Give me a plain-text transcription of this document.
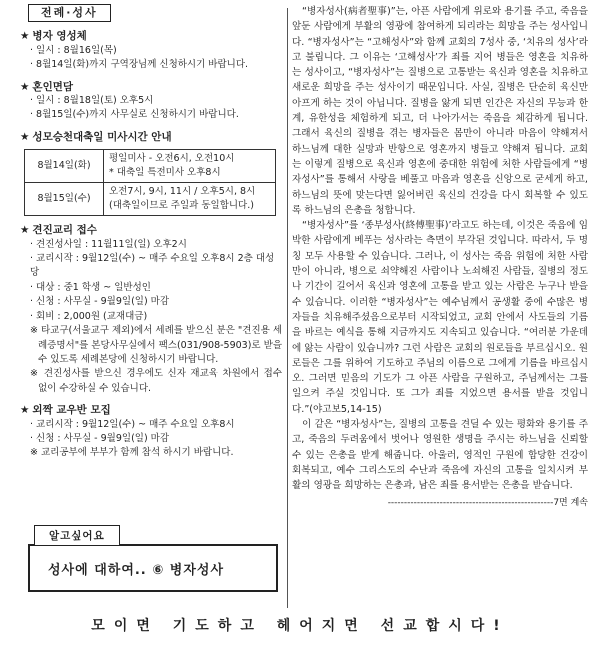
전례·성사
★ 병자 영성체
· 일시 : 8월16일(목)
· 8월14일(화)까지 구역장님께 신청하시기 바랍니다.
★ 혼인면담
· 일시 : 8월18일(토) 오후5시
· 8월15일(수)까지 사무실로 신청하시기 바랍니다.
★ 성모승천대축일 미사시간 안내
8월14일(화)	평일미사 - 오전6시, 오전10시
* 대축일 특전미사 오후8시

8월15일(수)	오전7시, 9시, 11시 / 오후5시, 8시
(대축일이므로 주일과 동일합니다.)
★ 견진교리 접수
· 견진성사일 : 11월11일(일) 오후2시
· 교리시작 : 9월12일(수) ~ 매주 수요일 오후8시 2층 대성당
· 대상 : 중1 학생 ~ 일반성인
· 신청 : 사무실 - 9월9일(일) 마감
· 회비 : 2,000원 (교재대금)
※ 타교구(서울교구 제외)에서 세례를 받으신 분은 "견진용 세례증명서"를 본당사무실에서 팩스(031/908-5903)로 받을 수 있도록 세례본당에 신청하시기 바랍니다.
※ 견진성사를 받으신 경우에도 신자 재교육 차원에서 접수 없이 수강하실 수 있습니다.
★ 외짝 교우반 모집
· 교리시작 : 9월12일(수) ~ 매주 수요일 오후8시
· 신청 : 사무실 - 9월9일(일) 마감
※ 교리공부에 부부가 함께 참석 하시기 바랍니다.
알고싶어요
성사에 대하여.. ⑥ 병자성사

“병자성사(病者聖事)”는, 아픈 사람에게 위로와 용기를 주고, 죽음을 앞둔 사람에게 부활의 영광에 참여하게 되리라는 희망을 주는 성사입니다. “병자성사”는 “고해성사”와 함께 교회의 7성사 중, ‘치유의 성사’라고 불립니다. 그 이유는 ‘고해성사’가 죄를 지어 병들은 영혼을 치유하는 성사이고, “병자성사”는 질병으로 고통받는 육신과 영혼을 치유하고 새로운 희망을 주는 성사이기 때문입니다. 사실, 질병은 단순히 육신만 아프게 하는 것이 아닙니다. 질병을 앓게 되면 인간은 자신의 무능과 한계, 유한성을 체험하게 되고, 더 나아가서는 죽음을 체감하게 됩니다. 그래서 육신의 질병을 겪는 병자들은 몸만이 아니라 마음이 약해져서 하느님께 대한 실망과 반항으로 영혼까지 병들고 약해져 됩니다. 교회는 이렇게 질병으로 육신과 영혼에 중대한 위험에 처한 사람들에게 “병자성사”를 통해서 사랑을 베풀고 마음과 영혼을 신앙으로 굳세게 하고, 하느님의 뜻에 맞는다면 잃어버린 육신의 건강을 다시 회복할 수 있도록 하느님의 은총을 청합니다.

“병자성사”를 ‘종부성사(終傅聖事)’라고도 하는데, 이것은 죽음에 임박한 사람에게 베푸는 성사라는 측면이 부각된 것입니다. 따라서, 두 명칭 모두 사용할 수 있습니다. 그러나, 이 성사는 죽음 위험에 처한 사람만이 아니라, 병으로 쇠약해진 사람이나 노쇠해진 사람들, 질병의 정도나 기간이 길어서 육신과 영혼에 고통을 받고 있는 사람은 누구나 받을 수 있습니다. 이러한 “병자성사”는 예수님께서 공생활 중에 수많은 병자들을 치유해주셨음으로부터 시작되었고, 교회 안에서 사도들의 기름을 바르는 예식을 통해 지금까지도 지속되고 있습니다. “여러분 가운데에 앓는 사람이 있습니까? 그런 사람은 교회의 원로들을 부르십시오. 원로들은 그를 위하여 기도하고 주님의 이름으로 그에게 기름을 바르십시오. 그러면 믿음의 기도가 그 아픈 사람을 구원하고, 주님께서는 그를 일으켜 주실 것입니다. 또 그가 죄를 지었으면 용서를 받을 것입니다.”(야고보5,14-15)

이 같은 “병자성사”는, 질병의 고통을 견딜 수 있는 평화와 용기를 주고, 죽음의 두려움에서 벗어나 영원한 생명을 주시는 하느님을 신뢰할 수 있는 은총을 받게 해줍니다. 아울러, 영적인 구원에 합당한 건강이 회복되고, 예수 그리스도의 수난과 죽음에 자신의 고통을 일치시켜 부활의 영광을 희망하는 은총과, 남은 죄를 용서받는 은총을 받습니다.

---------------------------------------------------7면 계속
모이면 기도하고 헤어지면 선교합시다!
